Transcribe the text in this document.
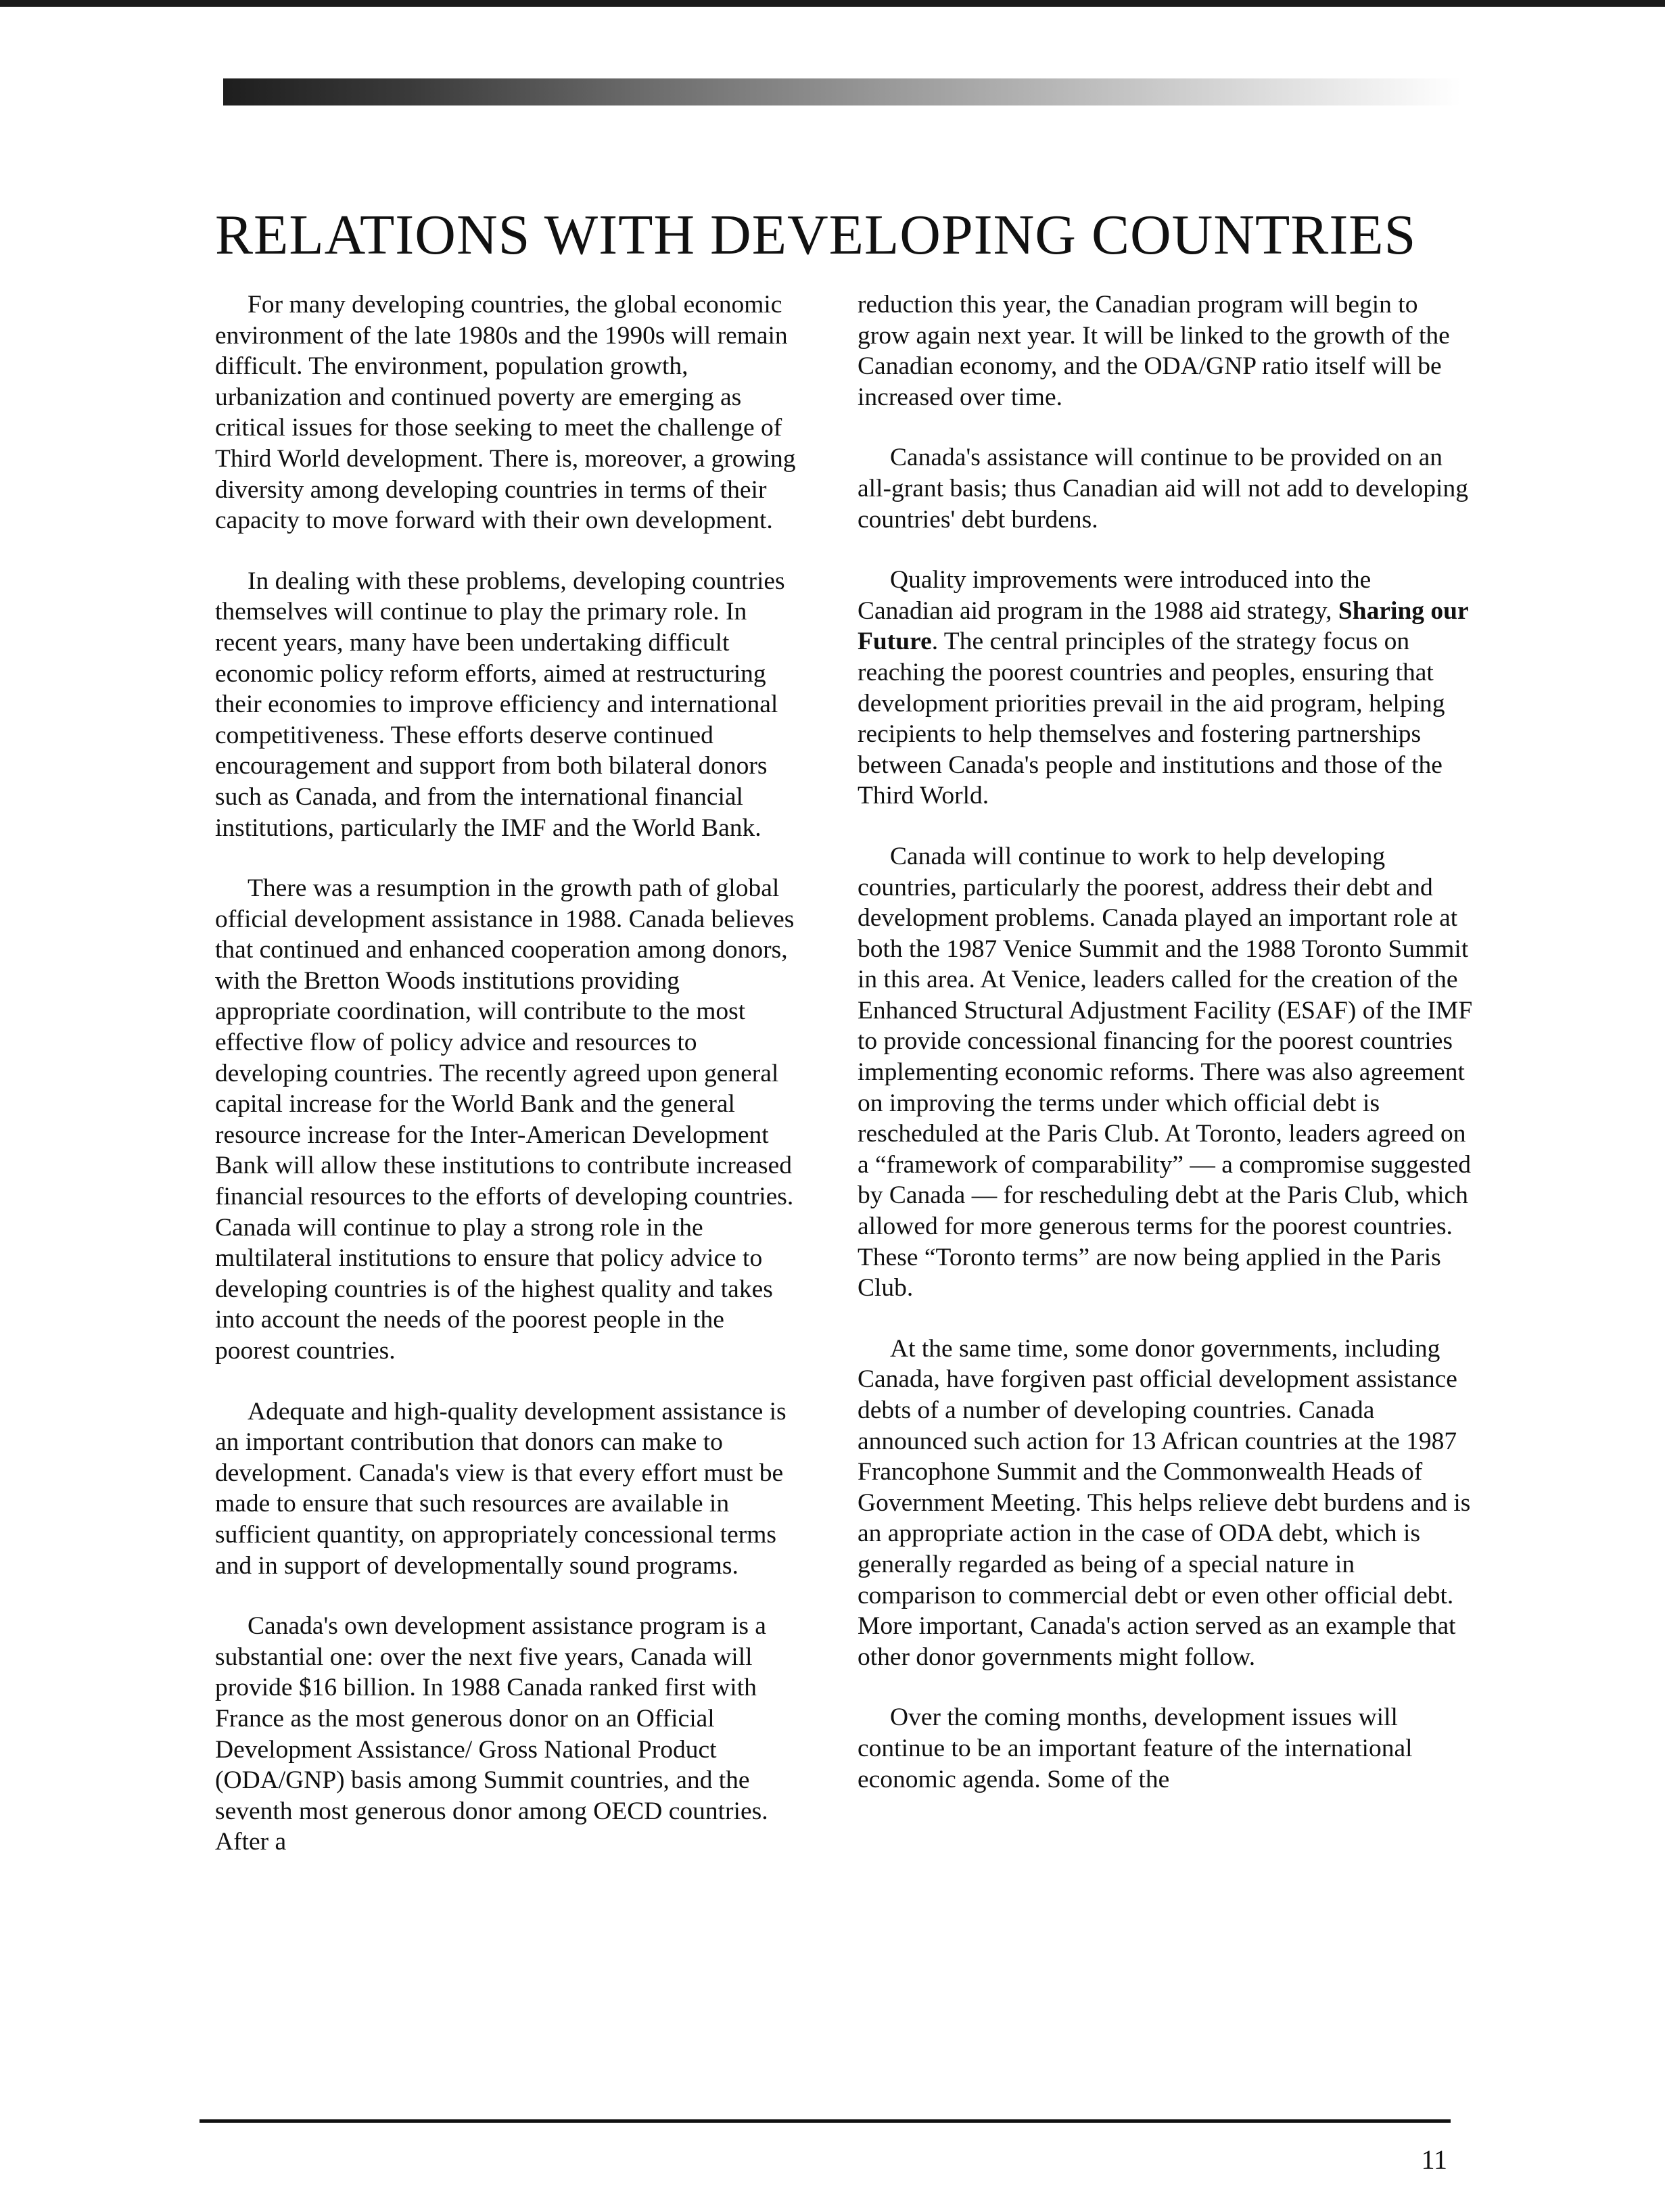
RELATIONS WITH DEVELOPING COUNTRIES

For many developing countries, the global economic environment of the late 1980s and the 1990s will remain difficult. The environment, population growth, urbanization and continued poverty are emerging as critical issues for those seeking to meet the challenge of Third World development. There is, moreover, a growing diversity among developing countries in terms of their capacity to move forward with their own development.

In dealing with these problems, developing countries themselves will continue to play the primary role. In recent years, many have been undertaking difficult economic policy reform efforts, aimed at restructuring their economies to improve efficiency and international competitiveness. These efforts deserve continued encouragement and support from both bilateral donors such as Canada, and from the international financial institutions, particularly the IMF and the World Bank.

There was a resumption in the growth path of global official development assistance in 1988. Canada believes that continued and enhanced cooperation among donors, with the Bretton Woods institutions providing appropriate coordination, will contribute to the most effective flow of policy advice and resources to developing countries. The recently agreed upon general capital increase for the World Bank and the general resource increase for the Inter-American Development Bank will allow these institutions to contribute increased financial resources to the efforts of developing countries. Canada will continue to play a strong role in the multilateral institutions to ensure that policy advice to developing countries is of the highest quality and takes into account the needs of the poorest people in the poorest countries.

Adequate and high-quality development assistance is an important contribution that donors can make to development. Canada's view is that every effort must be made to ensure that such resources are available in sufficient quantity, on appropriately concessional terms and in support of developmentally sound programs.

Canada's own development assistance program is a substantial one: over the next five years, Canada will provide $16 billion. In 1988 Canada ranked first with France as the most generous donor on an Official Development Assistance/ Gross National Product (ODA/GNP) basis among Summit countries, and the seventh most generous donor among OECD countries. After a

reduction this year, the Canadian program will begin to grow again next year. It will be linked to the growth of the Canadian economy, and the ODA/GNP ratio itself will be increased over time.

Canada's assistance will continue to be provided on an all-grant basis; thus Canadian aid will not add to developing countries' debt burdens.

Quality improvements were introduced into the Canadian aid program in the 1988 aid strategy, Sharing our Future. The central principles of the strategy focus on reaching the poorest countries and peoples, ensuring that development priorities prevail in the aid program, helping recipients to help themselves and fostering partnerships between Canada's people and institutions and those of the Third World.

Canada will continue to work to help developing countries, particularly the poorest, address their debt and development problems. Canada played an important role at both the 1987 Venice Summit and the 1988 Toronto Summit in this area. At Venice, leaders called for the creation of the Enhanced Structural Adjustment Facility (ESAF) of the IMF to provide concessional financing for the poorest countries implementing economic reforms. There was also agreement on improving the terms under which official debt is rescheduled at the Paris Club. At Toronto, leaders agreed on a “framework of comparability” — a compromise suggested by Canada — for rescheduling debt at the Paris Club, which allowed for more generous terms for the poorest countries. These “Toronto terms” are now being applied in the Paris Club.

At the same time, some donor governments, including Canada, have forgiven past official development assistance debts of a number of developing countries. Canada announced such action for 13 African countries at the 1987 Francophone Summit and the Commonwealth Heads of Government Meeting. This helps relieve debt burdens and is an appropriate action in the case of ODA debt, which is generally regarded as being of a special nature in comparison to commercial debt or even other official debt. More important, Canada's action served as an example that other donor governments might follow.

Over the coming months, development issues will continue to be an important feature of the international economic agenda. Some of the

11
